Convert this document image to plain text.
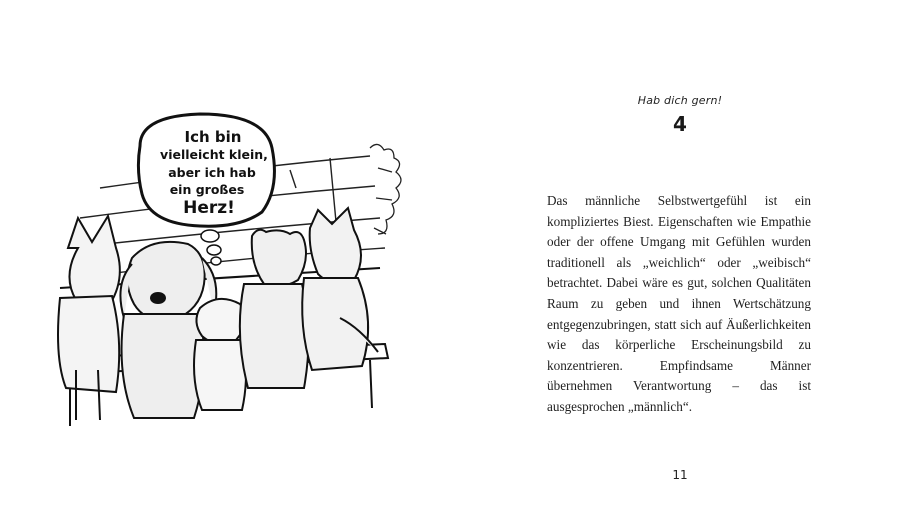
Ich bin
vielleicht klein,
aber ich hab
ein großes
Herz!
Hab dich gern!
4
Das männliche Selbstwertgefühl ist ein kompliziertes Biest. Eigenschaften wie Empathie oder der offene Umgang mit Gefühlen wurden traditionell als „weichlich“ oder „weibisch“ betrachtet. Dabei wäre es gut, solchen Qualitäten Raum zu geben und ihnen Wertschätzung entgegenzubringen, statt sich auf Äußerlichkeiten wie das körperliche Erscheinungsbild zu konzentrieren. Empfindsame Männer übernehmen Verantwortung – das ist ausgesprochen „männlich“.
11
